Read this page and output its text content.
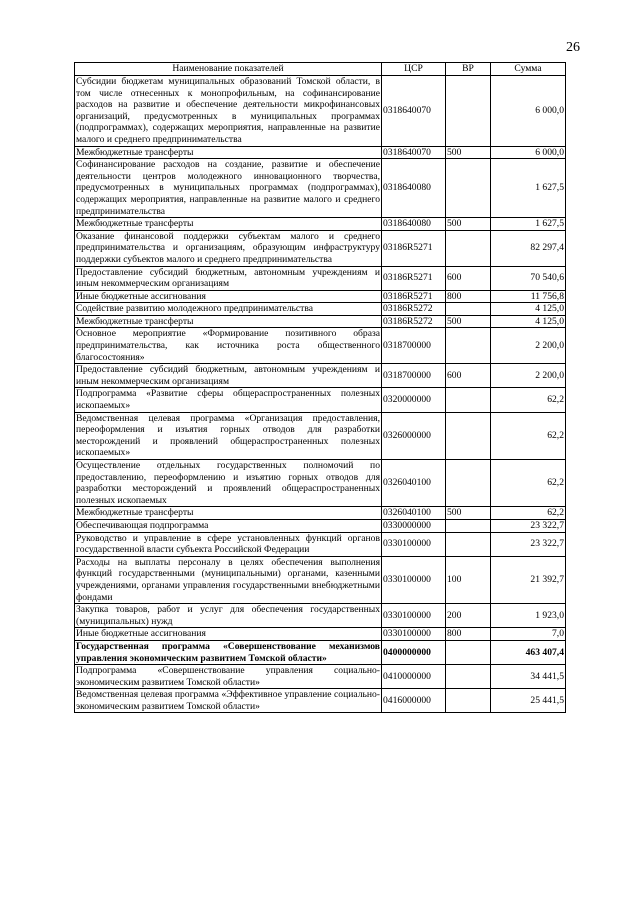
26
Наименование показателей	ЦСР	ВР	Сумма
Субсидии бюджетам муниципальных образований Томской области, в том числе отнесенных к монопрофильным, на софинансирование расходов на развитие и обеспечение деятельности микрофинансовых организаций, предусмотренных в муниципальных программах (подпрограммах), содержащих мероприятия, направленные на развитие малого и среднего предпринимательства	0318640070		6 000,0
Межбюджетные трансферты	0318640070	500	6 000,0
Софинансирование расходов на создание, развитие и обеспечение деятельности центров молодежного инновационного творчества, предусмотренных в муниципальных программах (подпрограммах), содержащих мероприятия, направленные на развитие малого и среднего предпринимательства	0318640080		1 627,5
Межбюджетные трансферты	0318640080	500	1 627,5
Оказание финансовой поддержки субъектам малого и среднего предпринимательства и организациям, образующим инфраструктуру поддержки субъектов малого и среднего предпринимательства	03186R5271		82 297,4
Предоставление субсидий бюджетным, автономным учреждениям и иным некоммерческим организациям	03186R5271	600	70 540,6
Иные бюджетные ассигнования	03186R5271	800	11 756,8
Содействие развитию молодежного предпринимательства	03186R5272		4 125,0
Межбюджетные трансферты	03186R5272	500	4 125,0
Основное мероприятие «Формирование позитивного образа предпринимательства, как источника роста общественного благосостояния»	0318700000		2 200,0
Предоставление субсидий бюджетным, автономным учреждениям и иным некоммерческим организациям	0318700000	600	2 200,0
Подпрограмма «Развитие сферы общераспространенных полезных ископаемых»	0320000000		62,2
Ведомственная целевая программа «Организация предоставления, переоформления и изъятия горных отводов для разработки месторождений и проявлений общераспространенных полезных ископаемых»	0326000000		62,2
Осуществление отдельных государственных полномочий по предоставлению, переоформлению и изъятию горных отводов для разработки месторождений и проявлений общераспространенных полезных ископаемых	0326040100		62,2
Межбюджетные трансферты	0326040100	500	62,2
Обеспечивающая подпрограмма	0330000000		23 322,7
Руководство и управление в сфере установленных функций органов государственной власти субъекта Российской Федерации	0330100000		23 322,7
Расходы на выплаты персоналу в целях обеспечения выполнения функций государственными (муниципальными) органами, казенными учреждениями, органами управления государственными внебюджетными фондами	0330100000	100	21 392,7
Закупка товаров, работ и услуг для обеспечения государственных (муниципальных) нужд	0330100000	200	1 923,0
Иные бюджетные ассигнования	0330100000	800	7,0
Государственная программа «Совершенствование механизмов управления экономическим развитием Томской области»	0400000000		463 407,4
Подпрограмма «Совершенствование управления социально-экономическим развитием Томской области»	0410000000		34 441,5
Ведомственная целевая программа «Эффективное управление социально-экономическим развитием Томской области»	0416000000		25 441,5
